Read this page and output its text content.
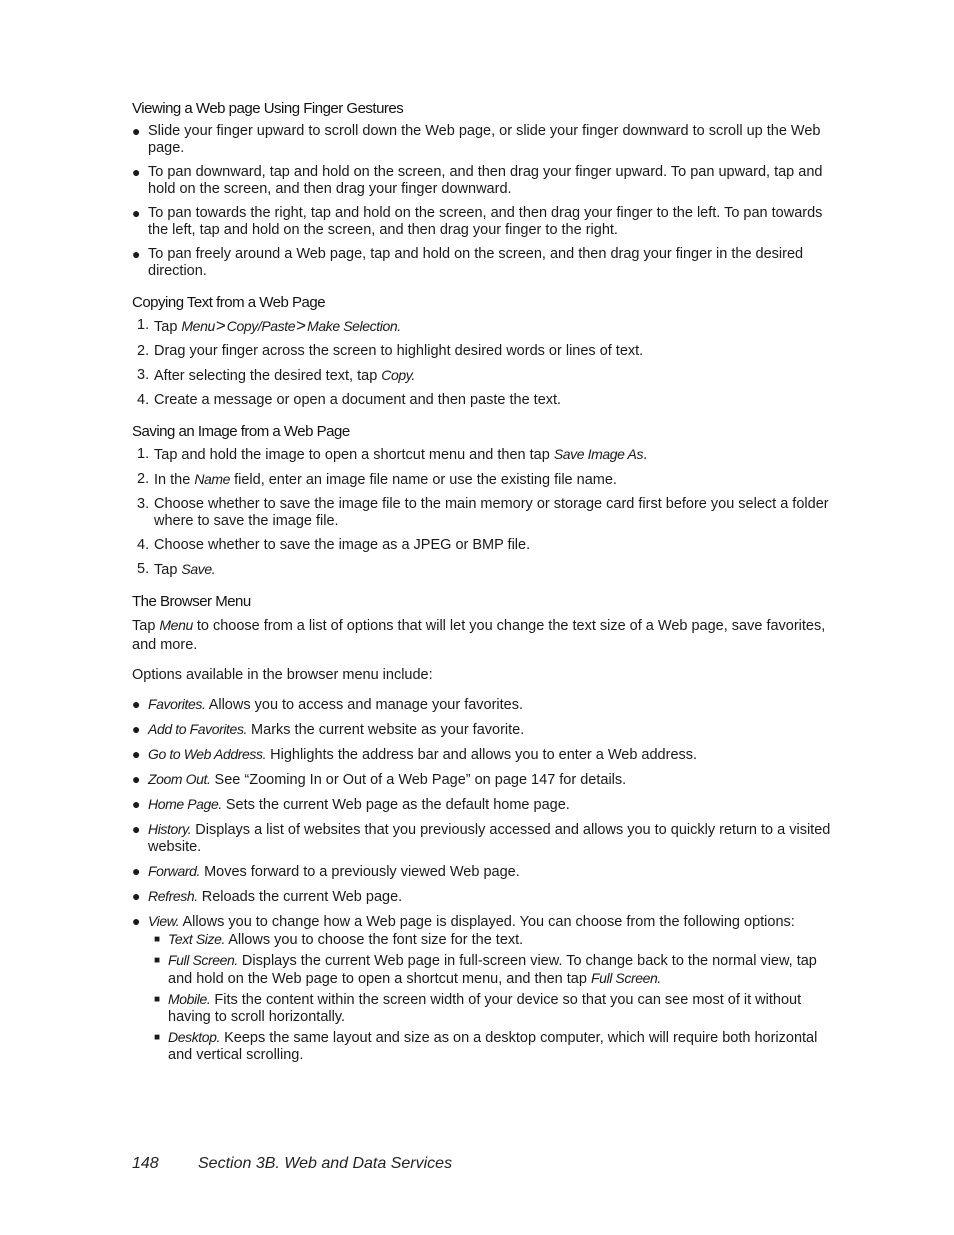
Viewing a Web page Using Finger Gestures
● Slide your finger upward to scroll down the Web page, or slide your finger downward to scroll up the Web page.
● To pan downward, tap and hold on the screen, and then drag your finger upward. To pan upward, tap and hold on the screen, and then drag your finger downward.
● To pan towards the right, tap and hold on the screen, and then drag your finger to the left. To pan towards the left, tap and hold on the screen, and then drag your finger to the right.
● To pan freely around a Web page, tap and hold on the screen, and then drag your finger in the desired direction.
Copying Text from a Web Page
1. Tap Menu>Copy/Paste>Make Selection.
2. Drag your finger across the screen to highlight desired words or lines of text.
3. After selecting the desired text, tap Copy.
4. Create a message or open a document and then paste the text.
Saving an Image from a Web Page
1. Tap and hold the image to open a shortcut menu and then tap Save Image As.
2. In the Name field, enter an image file name or use the existing file name.
3. Choose whether to save the image file to the main memory or storage card first before you select a folder where to save the image file.
4. Choose whether to save the image as a JPEG or BMP file.
5. Tap Save.
The Browser Menu

Tap Menu to choose from a list of options that will let you change the text size of a Web page, save favorites, and more.

Options available in the browser menu include:

● Favorites. Allows you to access and manage your favorites.
● Add to Favorites. Marks the current website as your favorite.
● Go to Web Address. Highlights the address bar and allows you to enter a Web address.
● Zoom Out. See “Zooming In or Out of a Web Page” on page 147 for details.
● Home Page. Sets the current Web page as the default home page.
● History. Displays a list of websites that you previously accessed and allows you to quickly return to a visited website.
● Forward. Moves forward to a previously viewed Web page.
● Refresh. Reloads the current Web page.
● View. Allows you to change how a Web page is displayed. You can choose from the following options:
■ Text Size. Allows you to choose the font size for the text.
■ Full Screen. Displays the current Web page in full-screen view. To change back to the normal view, tap and hold on the Web page to open a shortcut menu, and then tap Full Screen.
■ Mobile. Fits the content within the screen width of your device so that you can see most of it without having to scroll horizontally.
■ Desktop. Keeps the same layout and size as on a desktop computer, which will require both horizontal and vertical scrolling.
148 Section 3B. Web and Data Services
